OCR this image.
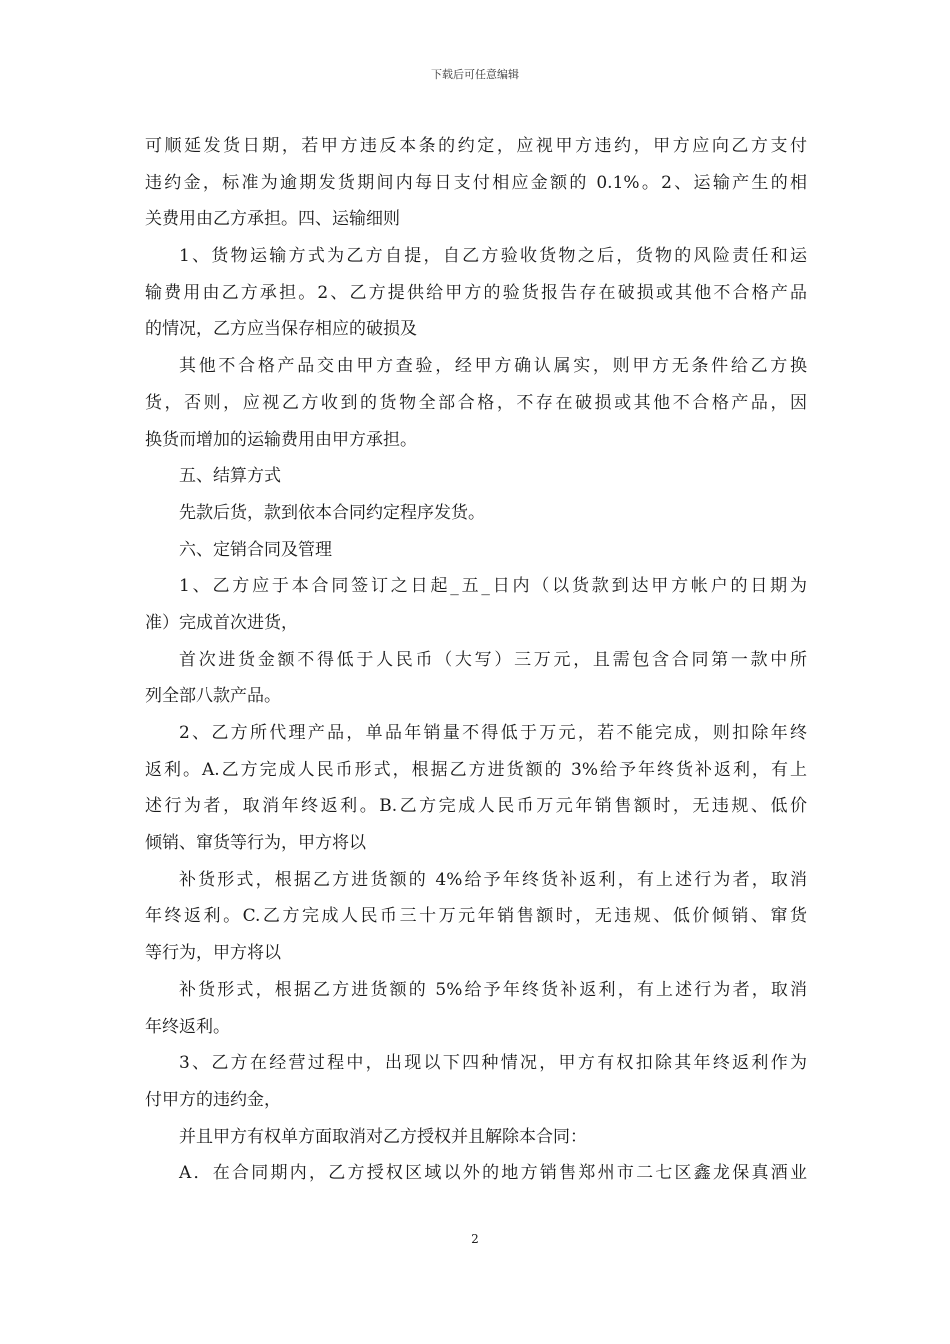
下载后可任意编辑
可顺延发货日期，若甲方违反本条的约定，应视甲方违约，甲方应向乙方支付
违约金，标准为逾期发货期间内每日支付相应金额的 0.1%。2、运输产生的相
关费用由乙方承担。四、运输细则
1、货物运输方式为乙方自提，自乙方验收货物之后，货物的风险责任和运
输费用由乙方承担。2、乙方提供给甲方的验货报告存在破损或其他不合格产品
的情况，乙方应当保存相应的破损及
其他不合格产品交由甲方查验，经甲方确认属实，则甲方无条件给乙方换
货，否则，应视乙方收到的货物全部合格，不存在破损或其他不合格产品，因
换货而增加的运输费用由甲方承担。
五、结算方式
先款后货，款到依本合同约定程序发货。
六、定销合同及管理
1、乙方应于本合同签订之日起_五_日内（以货款到达甲方帐户的日期为
准）完成首次进货，
首次进货金额不得低于人民币（大写）三万元，且需包含合同第一款中所
列全部八款产品。
2、乙方所代理产品，单品年销量不得低于万元，若不能完成，则扣除年终
返利。A.乙方完成人民币形式，根据乙方进货额的 3%给予年终货补返利，有上
述行为者，取消年终返利。B.乙方完成人民币万元年销售额时，无违规、低价
倾销、窜货等行为，甲方将以
补货形式，根据乙方进货额的 4%给予年终货补返利，有上述行为者，取消
年终返利。C.乙方完成人民币三十万元年销售额时，无违规、低价倾销、窜货
等行为，甲方将以
补货形式，根据乙方进货额的 5%给予年终货补返利，有上述行为者，取消
年终返利。
3、乙方在经营过程中，出现以下四种情况，甲方有权扣除其年终返利作为
付甲方的违约金，
并且甲方有权单方面取消对乙方授权并且解除本合同：
A．在合同期内，乙方授权区域以外的地方销售郑州市二七区鑫龙保真酒业
2
